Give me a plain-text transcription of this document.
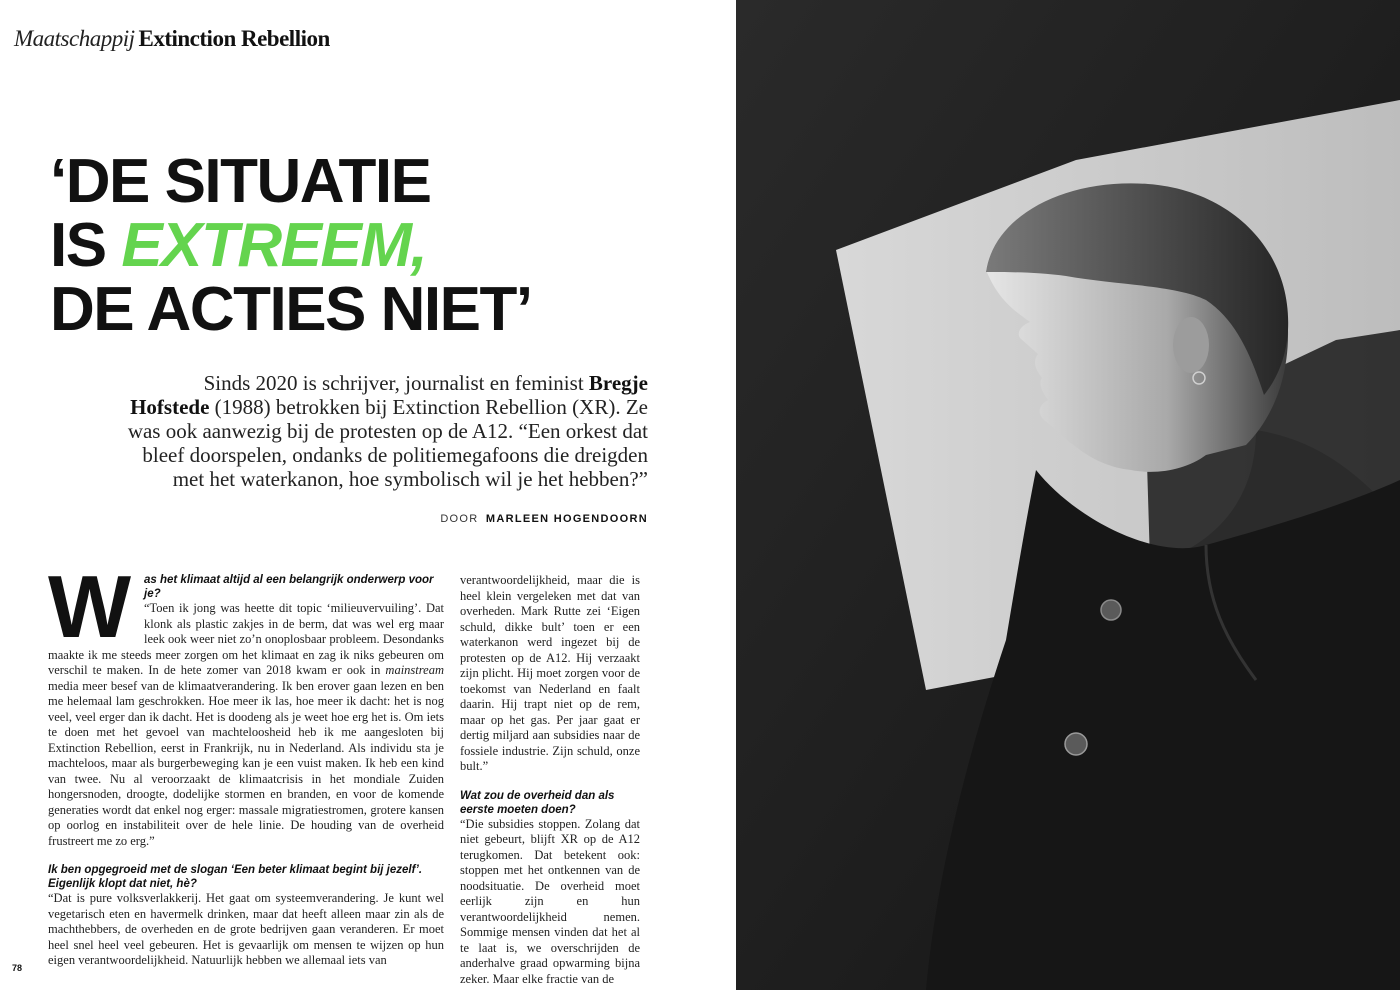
Maatschappij Extinction Rebellion
‘DE SITUATIE
IS EXTREEM,
DE ACTIES NIET’

Sinds 2020 is schrijver, journalist en feminist Bregje Hofstede (1988) betrokken bij Extinction Rebellion (XR). Ze was ook aanwezig bij de protesten op de A12. “Een orkest dat bleef doorspelen, ondanks de politiemegafoons die dreigden met het waterkanon, hoe symbolisch wil je het hebben?”

DOOR MARLEEN HOGENDOORN
W	as het klimaat altijd al een belangrijk onderwerp voor je?

“Toen ik jong was heette dit topic ‘milieuvervuiling’. Dat klonk als plastic zakjes in de berm, dat was wel erg maar leek ook weer niet zo’n onoplosbaar probleem. Desondanks maakte ik me steeds meer zorgen om het klimaat en zag ik niks gebeuren om verschil te maken. In de hete zomer van 2018 kwam er ook in mainstream media meer besef van de klimaatverandering. Ik ben erover gaan lezen en ben me helemaal lam geschrokken. Hoe meer ik las, hoe meer ik dacht: het is nog veel, veel erger dan ik dacht. Het is doodeng als je weet hoe erg het is. Om iets te doen met het gevoel van machteloosheid heb ik me aangesloten bij Extinction Rebellion, eerst in Frankrijk, nu in Nederland. Als individu sta je machteloos, maar als burgerbeweging kan je een vuist maken. Ik heb een kind van twee. Nu al veroorzaakt de klimaatcrisis in het mondiale Zuiden hongersnoden, droogte, dodelijke stormen en branden, en voor de komende generaties wordt dat enkel nog erger: massale migratiestromen, grotere kansen op oorlog en instabiliteit over de hele linie. De houding van de overheid frustreert me zo erg.”

Ik ben opgegroeid met de slogan ‘Een beter klimaat begint bij jezelf’. Eigenlijk klopt dat niet, hè?

“Dat is pure volksverlakkerij. Het gaat om systeemverandering. Je kunt wel vegetarisch eten en havermelk drinken, maar dat heeft alleen maar zin als de machthebbers, de overheden en de grote bedrijven gaan veranderen. Er moet heel snel heel veel gebeuren. Het is gevaarlijk om mensen te wijzen op hun eigen verantwoordelijkheid. Natuurlijk hebben we allemaal iets van

verantwoordelijkheid, maar die is heel klein vergeleken met dat van overheden. Mark Rutte zei ‘Eigen schuld, dikke bult’ toen er een waterkanon werd ingezet bij de protesten op de A12. Hij verzaakt zijn plicht. Hij moet zorgen voor de toekomst van Nederland en faalt daarin. Hij trapt niet op de rem, maar op het gas. Per jaar gaat er dertig miljard aan subsidies naar de fossiele industrie. Zijn schuld, onze bult.”

Wat zou de overheid dan als eerste moeten doen?

“Die subsidies stoppen. Zolang dat niet gebeurt, blijft XR op de A12 terugkomen. Dat betekent ook: stoppen met het ontkennen van de noodsituatie. De overheid moet eerlijk zijn en hun verantwoordelijkheid nemen. Sommige mensen vinden dat het al te laat is, we overschrijden de anderhalve graad opwarming bijna zeker. Maar elke fractie van de

78
